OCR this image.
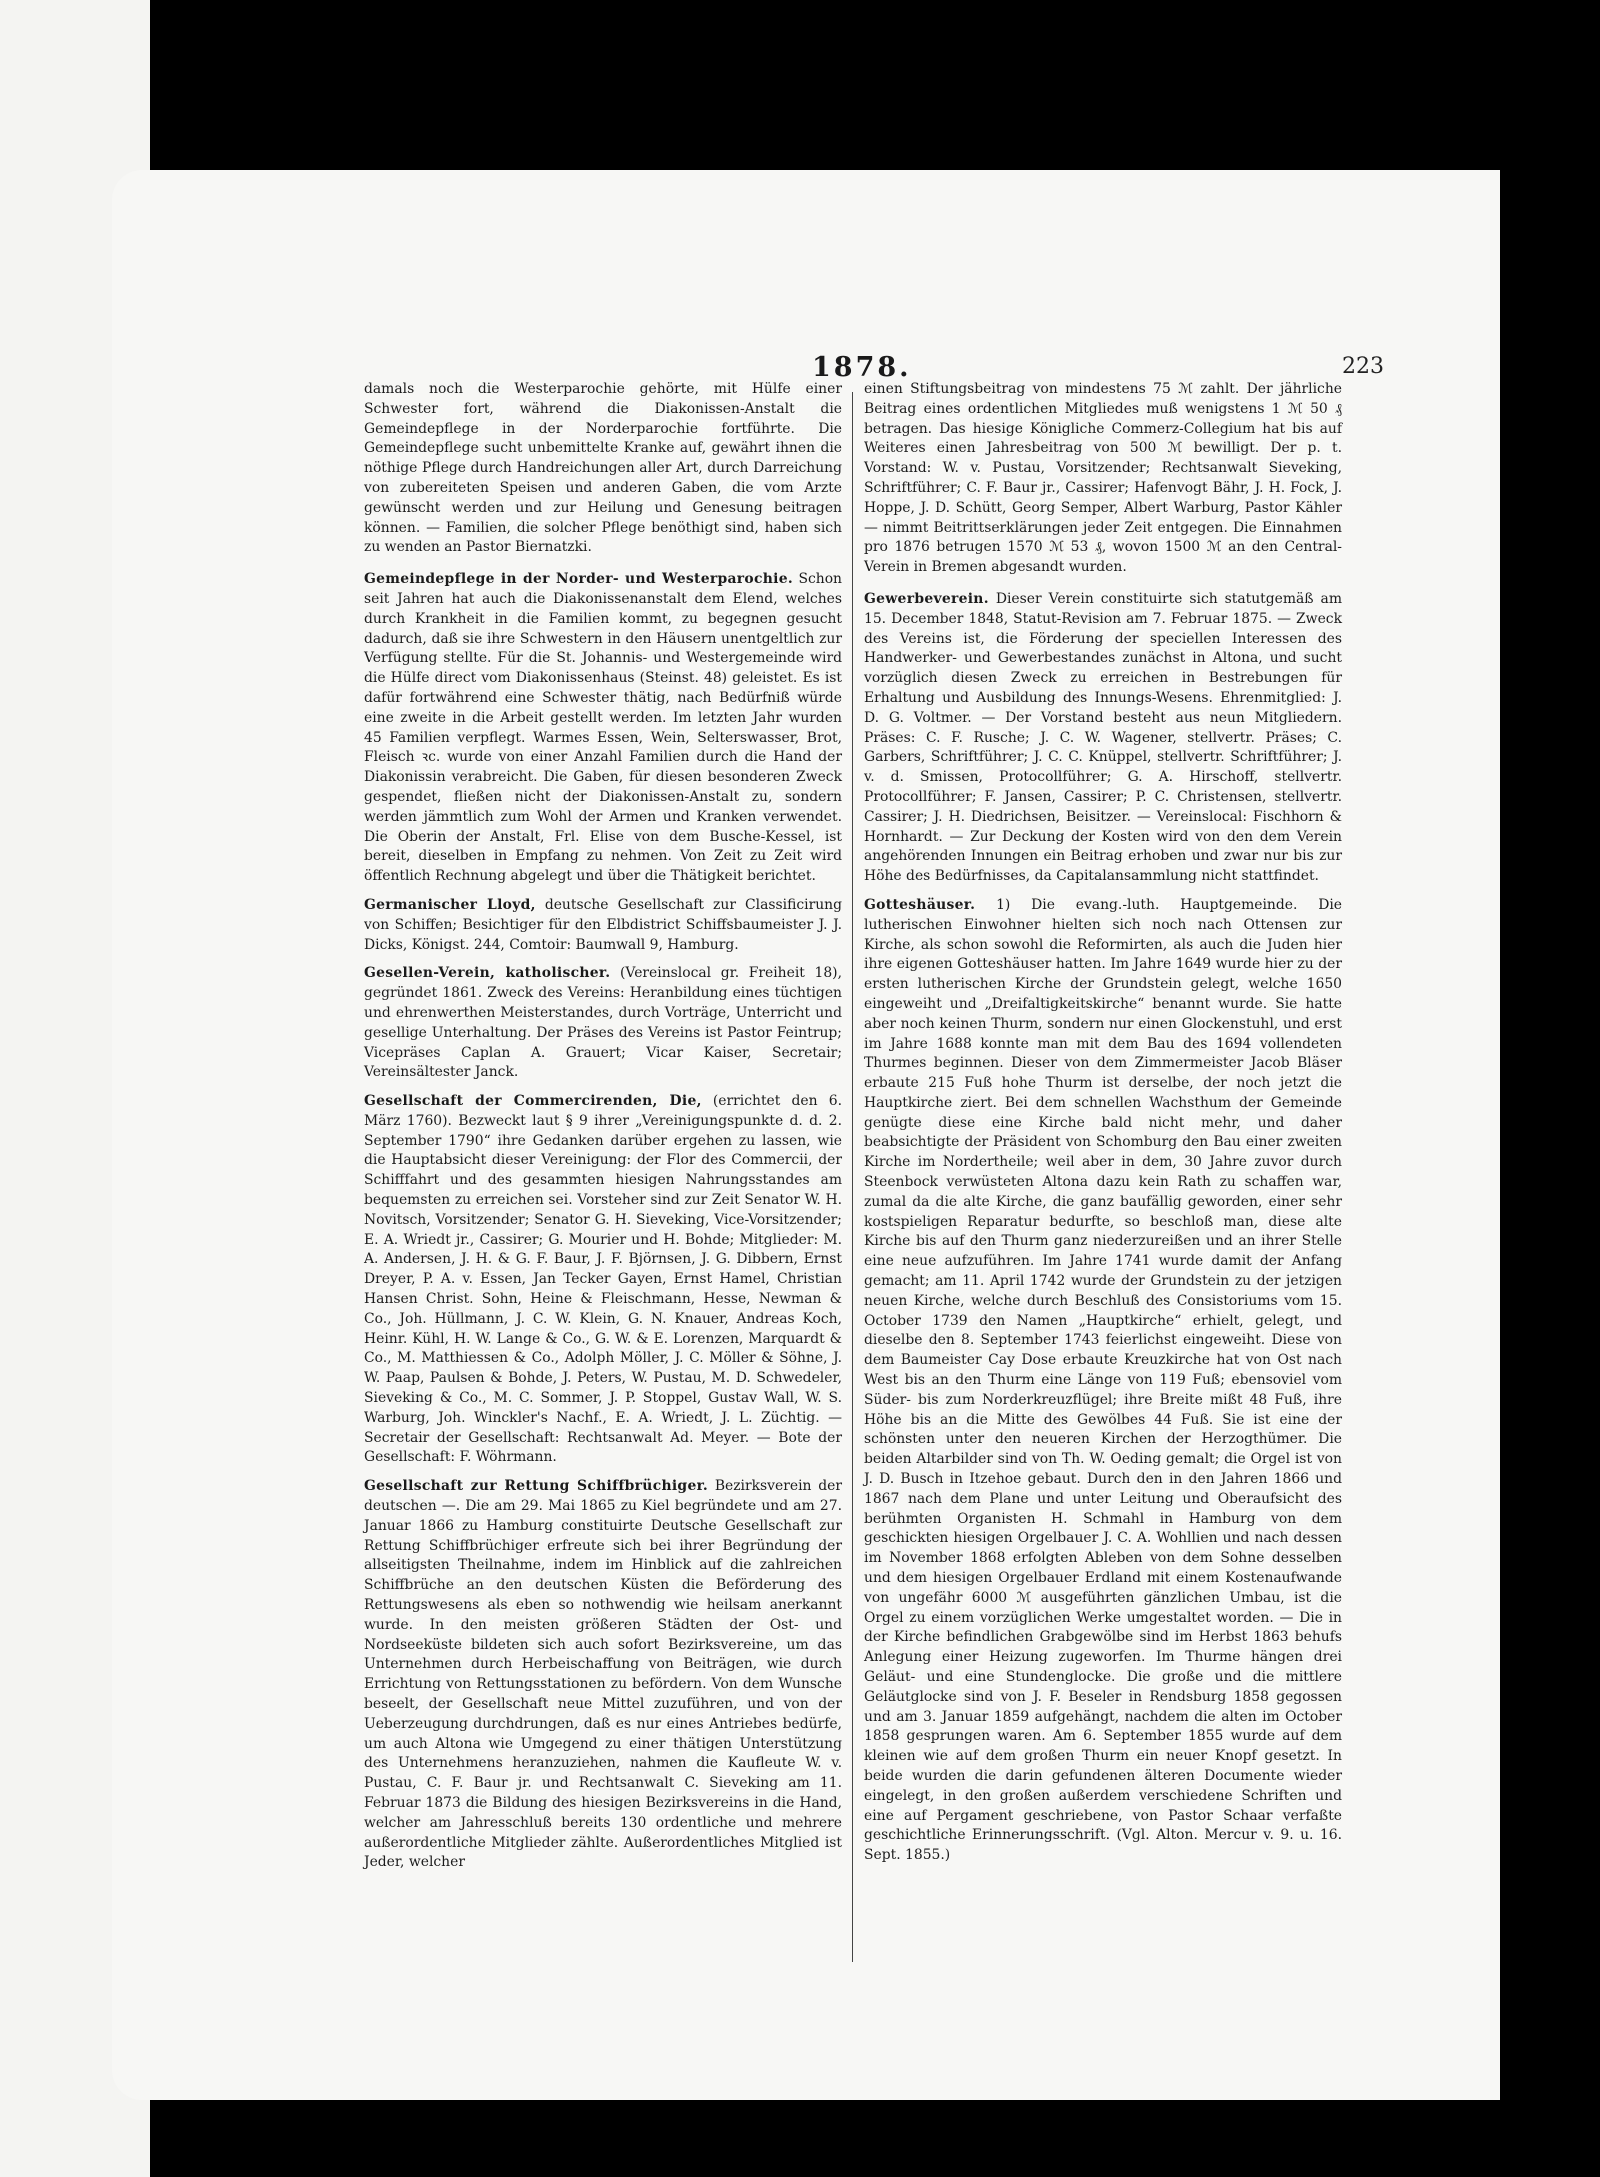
1878.	223

damals noch die Westerparochie gehörte, mit Hülfe einer Schwester fort, während die Diakonissen-Anstalt die Gemeindepflege in der Norderparochie fortführte. Die Gemeindepflege sucht unbemittelte Kranke auf, gewährt ihnen die nöthige Pflege durch Handreichungen aller Art, durch Darreichung von zubereiteten Speisen und anderen Gaben, die vom Arzte gewünscht werden und zur Heilung und Genesung beitragen können. — Familien, die solcher Pflege benöthigt sind, haben sich zu wenden an Pastor Biernatzki.

Gemeindepflege in der Norder- und Westerparochie. Schon seit Jahren hat auch die Diakonissenanstalt dem Elend, welches durch Krankheit in die Familien kommt, zu begegnen gesucht dadurch, daß sie ihre Schwestern in den Häusern unentgeltlich zur Verfügung stellte. Für die St. Johannis- und Westergemeinde wird die Hülfe direct vom Diakonissenhaus (Steinst. 48) geleistet. Es ist dafür fortwährend eine Schwester thätig, nach Bedürfniß würde eine zweite in die Arbeit gestellt werden. Im letzten Jahr wurden 45 Familien verpflegt. Warmes Essen, Wein, Selterswasser, Brot, Fleisch ꝛc. wurde von einer Anzahl Familien durch die Hand der Diakonissin verabreicht. Die Gaben, für diesen besonderen Zweck gespendet, fließen nicht der Diakonissen-Anstalt zu, sondern werden jämmtlich zum Wohl der Armen und Kranken verwendet. Die Oberin der Anstalt, Frl. Elise von dem Busche-Kessel, ist bereit, dieselben in Empfang zu nehmen. Von Zeit zu Zeit wird öffentlich Rechnung abgelegt und über die Thätigkeit berichtet.

Germanischer Lloyd, deutsche Gesellschaft zur Classificirung von Schiffen; Besichtiger für den Elbdistrict Schiffsbaumeister J. J. Dicks, Königst. 244, Comtoir: Baumwall 9, Hamburg.

Gesellen-Verein, katholischer. (Vereinslocal gr. Freiheit 18), gegründet 1861. Zweck des Vereins: Heranbildung eines tüchtigen und ehrenwerthen Meisterstandes, durch Vorträge, Unterricht und gesellige Unterhaltung. Der Präses des Vereins ist Pastor Feintrup; Vicepräses Caplan A. Grauert; Vicar Kaiser, Secretair; Vereinsältester Janck.

Gesellschaft der Commercirenden, Die, (errichtet den 6. März 1760). Bezweckt laut § 9 ihrer „Vereinigungspunkte d. d. 2. September 1790“ ihre Gedanken darüber ergehen zu lassen, wie die Hauptabsicht dieser Vereinigung: der Flor des Commercii, der Schifffahrt und des gesammten hiesigen Nahrungsstandes am bequemsten zu erreichen sei. Vorsteher sind zur Zeit Senator W. H. Novitsch, Vorsitzender; Senator G. H. Sieveking, Vice-Vorsitzender; E. A. Wriedt jr., Cassirer; G. Mourier und H. Bohde; Mitglieder: M. A. Andersen, J. H. & G. F. Baur, J. F. Björnsen, J. G. Dibbern, Ernst Dreyer, P. A. v. Essen, Jan Tecker Gayen, Ernst Hamel, Christian Hansen Christ. Sohn, Heine & Fleischmann, Hesse, Newman & Co., Joh. Hüllmann, J. C. W. Klein, G. N. Knauer, Andreas Koch, Heinr. Kühl, H. W. Lange & Co., G. W. & E. Lorenzen, Marquardt & Co., M. Matthiessen & Co., Adolph Möller, J. C. Möller & Söhne, J. W. Paap, Paulsen & Bohde, J. Peters, W. Pustau, M. D. Schwedeler, Sieveking & Co., M. C. Sommer, J. P. Stoppel, Gustav Wall, W. S. Warburg, Joh. Winckler's Nachf., E. A. Wriedt, J. L. Züchtig. — Secretair der Gesellschaft: Rechtsanwalt Ad. Meyer. — Bote der Gesellschaft: F. Wöhrmann.

Gesellschaft zur Rettung Schiffbrüchiger. Bezirksverein der deutschen —. Die am 29. Mai 1865 zu Kiel begründete und am 27. Januar 1866 zu Hamburg constituirte Deutsche Gesellschaft zur Rettung Schiffbrüchiger erfreute sich bei ihrer Begründung der allseitigsten Theilnahme, indem im Hinblick auf die zahlreichen Schiffbrüche an den deutschen Küsten die Beförderung des Rettungswesens als eben so nothwendig wie heilsam anerkannt wurde. In den meisten größeren Städten der Ost- und Nordseeküste bildeten sich auch sofort Bezirksvereine, um das Unternehmen durch Herbeischaffung von Beiträgen, wie durch Errichtung von Rettungsstationen zu befördern. Von dem Wunsche beseelt, der Gesellschaft neue Mittel zuzuführen, und von der Ueberzeugung durchdrungen, daß es nur eines Antriebes bedürfe, um auch Altona wie Umgegend zu einer thätigen Unterstützung des Unternehmens heranzuziehen, nahmen die Kaufleute W. v. Pustau, C. F. Baur jr. und Rechtsanwalt C. Sieveking am 11. Februar 1873 die Bildung des hiesigen Bezirksvereins in die Hand, welcher am Jahresschluß bereits 130 ordentliche und mehrere außerordentliche Mitglieder zählte. Außerordentliches Mitglied ist Jeder, welcher

einen Stiftungsbeitrag von mindestens 75 ℳ zahlt. Der jährliche Beitrag eines ordentlichen Mitgliedes muß wenigstens 1 ℳ 50 ₰ betragen. Das hiesige Königliche Commerz-Collegium hat bis auf Weiteres einen Jahresbeitrag von 500 ℳ bewilligt. Der p. t. Vorstand: W. v. Pustau, Vorsitzender; Rechtsanwalt Sieveking, Schriftführer; C. F. Baur jr., Cassirer; Hafenvogt Bähr, J. H. Fock, J. Hoppe, J. D. Schütt, Georg Semper, Albert Warburg, Pastor Kähler — nimmt Beitrittserklärungen jeder Zeit entgegen. Die Einnahmen pro 1876 betrugen 1570 ℳ 53 ₰, wovon 1500 ℳ an den Central-Verein in Bremen abgesandt wurden.

Gewerbeverein. Dieser Verein constituirte sich statutgemäß am 15. December 1848, Statut-Revision am 7. Februar 1875. — Zweck des Vereins ist, die Förderung der speciellen Interessen des Handwerker- und Gewerbestandes zunächst in Altona, und sucht vorzüglich diesen Zweck zu erreichen in Bestrebungen für Erhaltung und Ausbildung des Innungs-Wesens. Ehrenmitglied: J. D. G. Voltmer. — Der Vorstand besteht aus neun Mitgliedern. Präses: C. F. Rusche; J. C. W. Wagener, stellvertr. Präses; C. Garbers, Schriftführer; J. C. C. Knüppel, stellvertr. Schriftführer; J. v. d. Smissen, Protocollführer; G. A. Hirschoff, stellvertr. Protocollführer; F. Jansen, Cassirer; P. C. Christensen, stellvertr. Cassirer; J. H. Diedrichsen, Beisitzer. — Vereinslocal: Fischhorn & Hornhardt. — Zur Deckung der Kosten wird von den dem Verein angehörenden Innungen ein Beitrag erhoben und zwar nur bis zur Höhe des Bedürfnisses, da Capitalansammlung nicht stattfindet.

Gotteshäuser. 1) Die evang.-luth. Hauptgemeinde. Die lutherischen Einwohner hielten sich noch nach Ottensen zur Kirche, als schon sowohl die Reformirten, als auch die Juden hier ihre eigenen Gotteshäuser hatten. Im Jahre 1649 wurde hier zu der ersten lutherischen Kirche der Grundstein gelegt, welche 1650 eingeweiht und „Dreifaltigkeitskirche“ benannt wurde. Sie hatte aber noch keinen Thurm, sondern nur einen Glockenstuhl, und erst im Jahre 1688 konnte man mit dem Bau des 1694 vollendeten Thurmes beginnen. Dieser von dem Zimmermeister Jacob Bläser erbaute 215 Fuß hohe Thurm ist derselbe, der noch jetzt die Hauptkirche ziert. Bei dem schnellen Wachsthum der Gemeinde genügte diese eine Kirche bald nicht mehr, und daher beabsichtigte der Präsident von Schomburg den Bau einer zweiten Kirche im Nordertheile; weil aber in dem, 30 Jahre zuvor durch Steenbock verwüsteten Altona dazu kein Rath zu schaffen war, zumal da die alte Kirche, die ganz baufällig geworden, einer sehr kostspieligen Reparatur bedurfte, so beschloß man, diese alte Kirche bis auf den Thurm ganz niederzureißen und an ihrer Stelle eine neue aufzuführen. Im Jahre 1741 wurde damit der Anfang gemacht; am 11. April 1742 wurde der Grundstein zu der jetzigen neuen Kirche, welche durch Beschluß des Consistoriums vom 15. October 1739 den Namen „Hauptkirche“ erhielt, gelegt, und dieselbe den 8. September 1743 feierlichst eingeweiht. Diese von dem Baumeister Cay Dose erbaute Kreuzkirche hat von Ost nach West bis an den Thurm eine Länge von 119 Fuß; ebensoviel vom Süder- bis zum Norderkreuzflügel; ihre Breite mißt 48 Fuß, ihre Höhe bis an die Mitte des Gewölbes 44 Fuß. Sie ist eine der schönsten unter den neueren Kirchen der Herzogthümer. Die beiden Altarbilder sind von Th. W. Oeding gemalt; die Orgel ist von J. D. Busch in Itzehoe gebaut. Durch den in den Jahren 1866 und 1867 nach dem Plane und unter Leitung und Oberaufsicht des berühmten Organisten H. Schmahl in Hamburg von dem geschickten hiesigen Orgelbauer J. C. A. Wohllien und nach dessen im November 1868 erfolgten Ableben von dem Sohne desselben und dem hiesigen Orgelbauer Erdland mit einem Kostenaufwande von ungefähr 6000 ℳ ausgeführten gänzlichen Umbau, ist die Orgel zu einem vorzüglichen Werke umgestaltet worden. — Die in der Kirche befindlichen Grabgewölbe sind im Herbst 1863 behufs Anlegung einer Heizung zugeworfen. Im Thurme hängen drei Geläut- und eine Stundenglocke. Die große und die mittlere Geläutglocke sind von J. F. Beseler in Rendsburg 1858 gegossen und am 3. Januar 1859 aufgehängt, nachdem die alten im October 1858 gesprungen waren. Am 6. September 1855 wurde auf dem kleinen wie auf dem großen Thurm ein neuer Knopf gesetzt. In beide wurden die darin gefundenen älteren Documente wieder eingelegt, in den großen außerdem verschiedene Schriften und eine auf Pergament geschriebene, von Pastor Schaar verfaßte geschichtliche Erinnerungsschrift. (Vgl. Alton. Mercur v. 9. u. 16. Sept. 1855.)
